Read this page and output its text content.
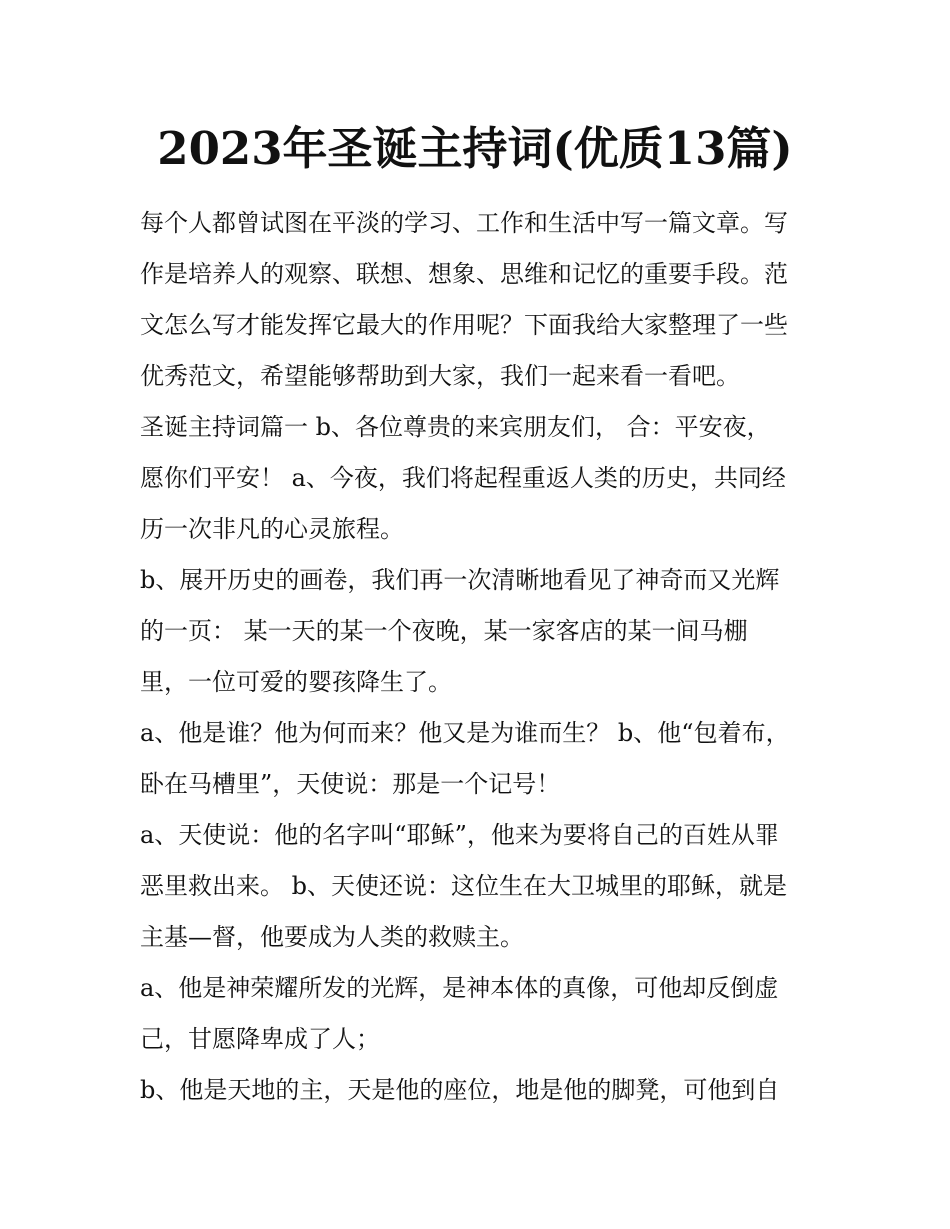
2023年圣诞主持词(优质13篇)
每个人都曾试图在平淡的学习、工作和生活中写一篇文章。写
作是培养人的观察、联想、想象、思维和记忆的重要手段。范
文怎么写才能发挥它最大的作用呢？下面我给大家整理了一些
优秀范文，希望能够帮助到大家，我们一起来看一看吧。
圣诞主持词篇一 b、各位尊贵的来宾朋友们， 合：平安夜，
愿你们平安！ a、今夜，我们将起程重返人类的历史，共同经
历一次非凡的心灵旅程。
b、展开历史的画卷，我们再一次清晰地看见了神奇而又光辉
的一页： 某一天的某一个夜晚，某一家客店的某一间马棚
里，一位可爱的婴孩降生了。
a、他是谁？他为何而来？他又是为谁而生？ b、他“包着布，
卧在马槽里”，天使说：那是一个记号！
a、天使说：他的名字叫“耶稣”，他来为要将自己的百姓从罪
恶里救出来。 b、天使还说：这位生在大卫城里的耶稣，就是
主基—督，他要成为人类的救赎主。
a、他是神荣耀所发的光辉，是神本体的真像，可他却反倒虚
己，甘愿降卑成了人；
b、他是天地的主，天是他的座位，地是他的脚凳，可他到自
